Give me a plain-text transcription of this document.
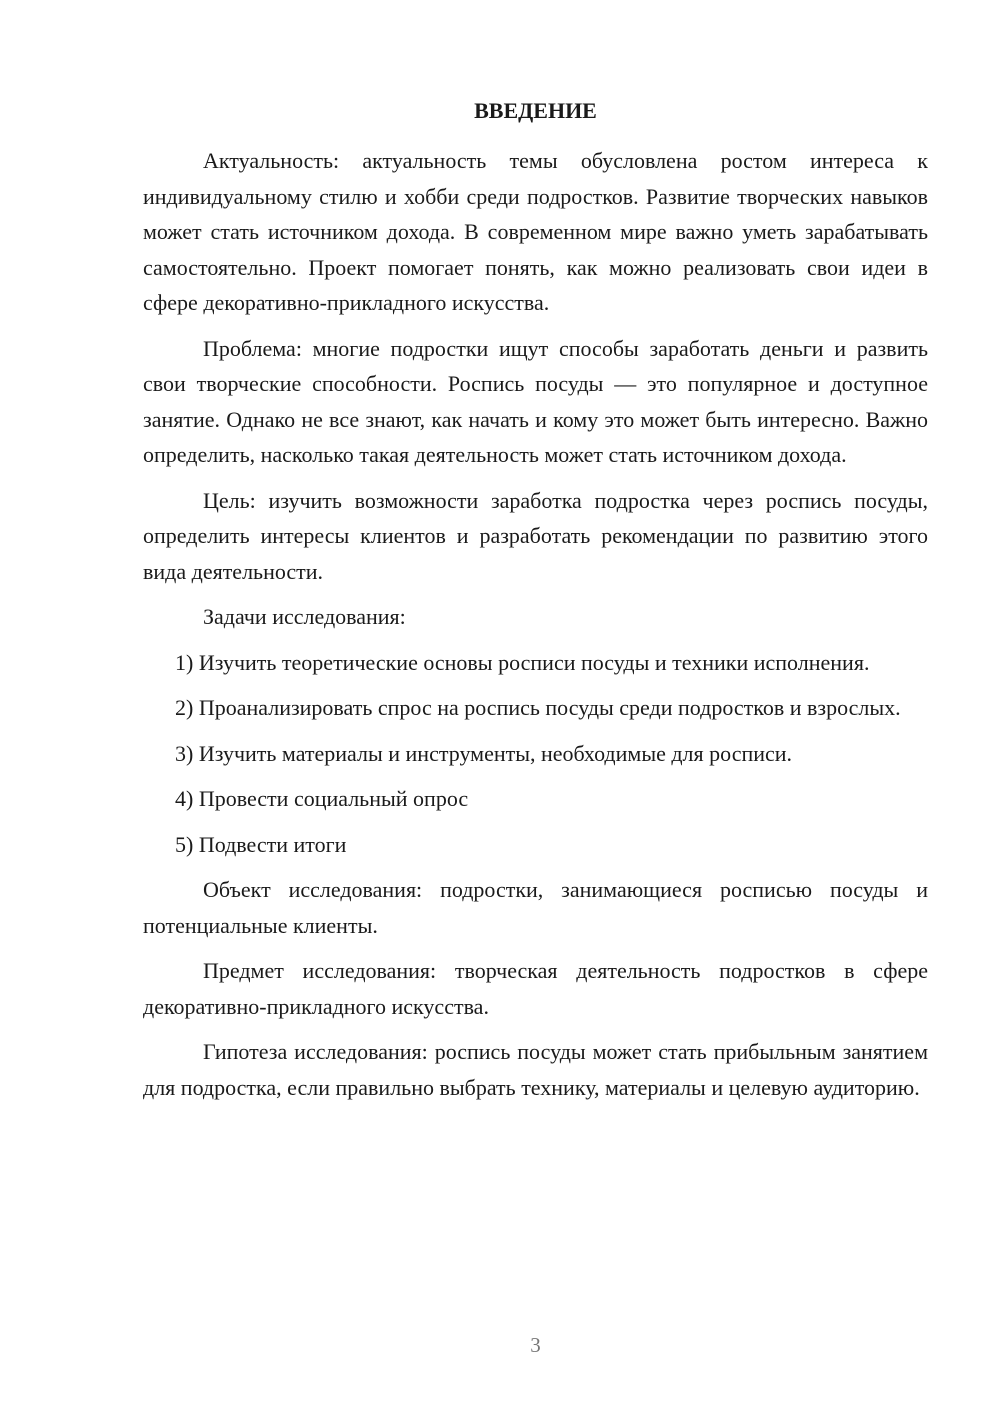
ВВЕДЕНИЕ

Актуальность: актуальность темы обусловлена ростом интереса к индивидуальному стилю и хобби среди подростков. Развитие творческих навыков может стать источником дохода. В современном мире важно уметь зарабатывать самостоятельно. Проект помогает понять, как можно реализовать свои идеи в сфере декоративно-прикладного искусства.

Проблема: многие подростки ищут способы заработать деньги и развить свои творческие способности. Роспись посуды — это популярное и доступное занятие. Однако не все знают, как начать и кому это может быть интересно. Важно определить, насколько такая деятельность может стать источником дохода.

Цель: изучить возможности заработка подростка через роспись посуды, определить интересы клиентов и разработать рекомендации по развитию этого вида деятельности.

Задачи исследования:

1) Изучить теоретические основы росписи посуды и техники исполнения.

2) Проанализировать спрос на роспись посуды среди подростков и взрослых.

3) Изучить материалы и инструменты, необходимые для росписи.

4) Провести социальный опрос

5) Подвести итоги

Объект исследования: подростки, занимающиеся росписью посуды и потенциальные клиенты.

Предмет исследования: творческая деятельность подростков в сфере декоративно-прикладного искусства.

Гипотеза исследования: роспись посуды может стать прибыльным занятием для подростка, если правильно выбрать технику, материалы и целевую аудиторию.

3
